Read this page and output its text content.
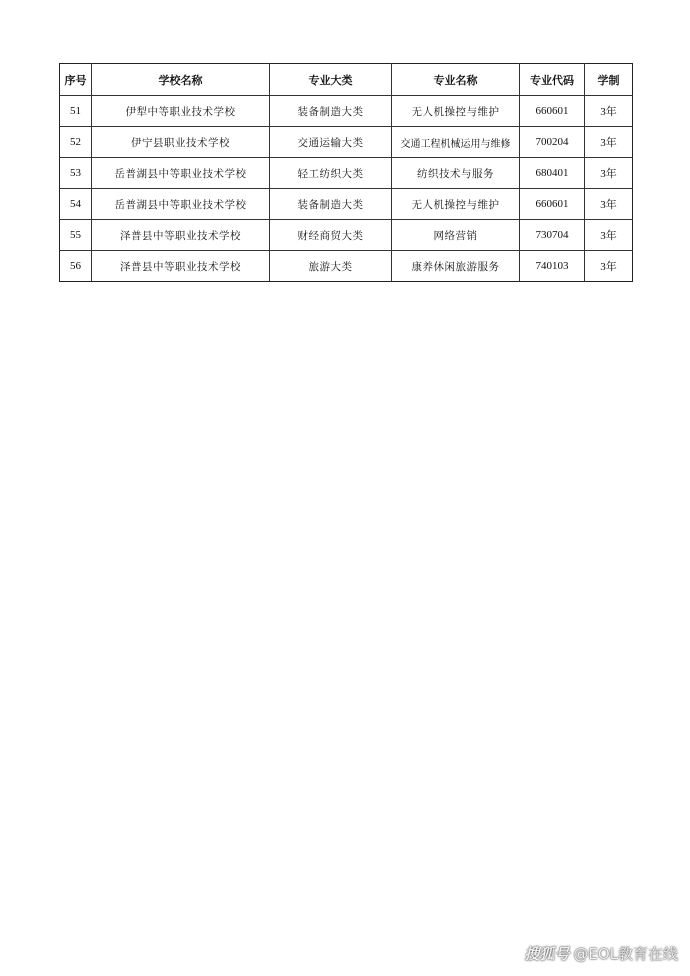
序号	学校名称	专业大类	专业名称	专业代码	学制
51	伊犁中等职业技术学校	装备制造大类	无人机操控与维护	660601	3年
52	伊宁县职业技术学校	交通运输大类	交通工程机械运用与维修	700204	3年
53	岳普湖县中等职业技术学校	轻工纺织大类	纺织技术与服务	680401	3年
54	岳普湖县中等职业技术学校	装备制造大类	无人机操控与维护	660601	3年
55	泽普县中等职业技术学校	财经商贸大类	网络营销	730704	3年
56	泽普县中等职业技术学校	旅游大类	康养休闲旅游服务	740103	3年
搜狐号 @EOL教育在线
